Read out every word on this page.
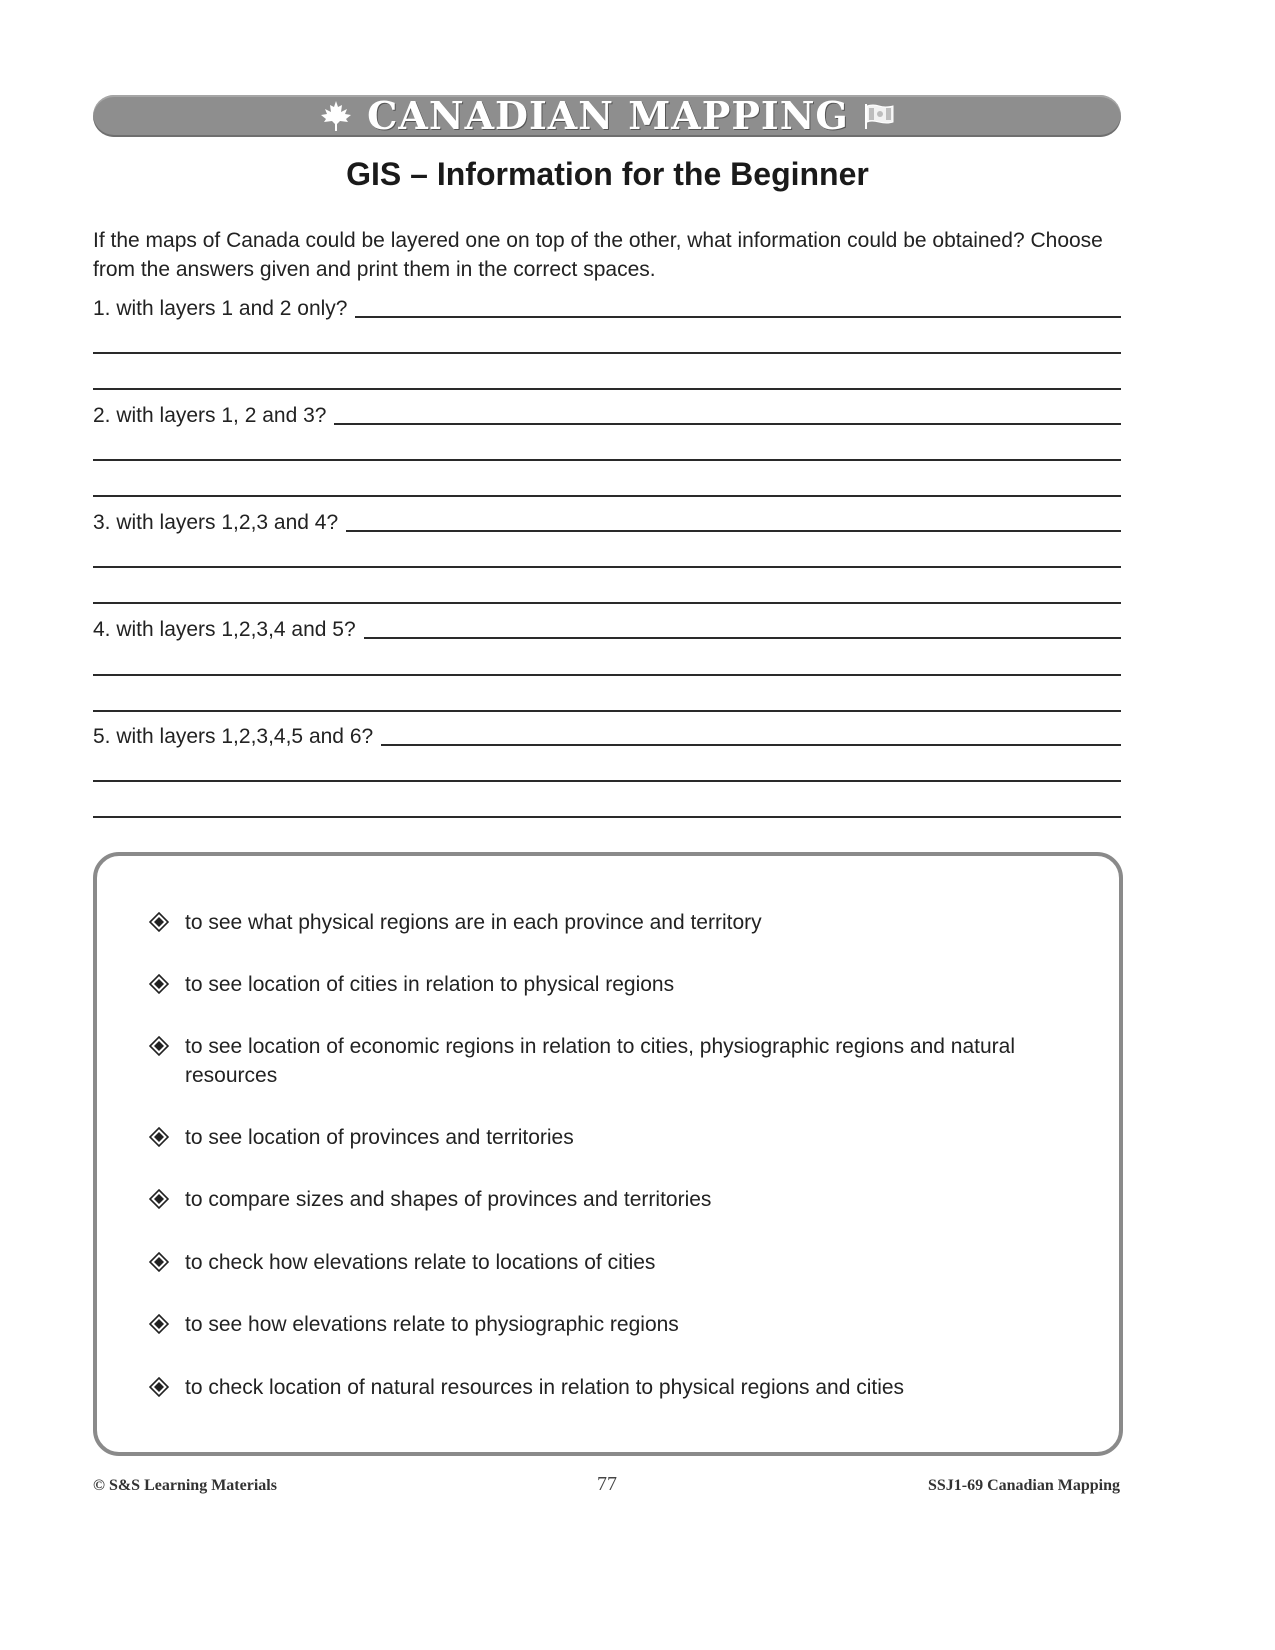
CANADIAN MAPPING
GIS – Information for the Beginner
If the maps of Canada could be layered one on top of the other, what information could be obtained? Choose from the answers given and print them in the correct spaces.
1. with layers 1 and 2 only?
2. with layers 1, 2 and 3?
3. with layers 1,2,3 and 4?
4. with layers 1,2,3,4 and 5?
5. with layers 1,2,3,4,5 and 6?
to see what physical regions are in each province and territory
to see location of cities in relation to physical regions
to see location of economic regions in relation to cities, physiographic regions and natural resources
to see location of provinces and territories
to compare sizes and shapes of provinces and territories
to check how elevations relate to locations of cities
to see how elevations relate to physiographic regions
to check location of natural resources in relation to physical regions and cities
© S&S Learning Materials	77	SSJ1-69 Canadian Mapping
